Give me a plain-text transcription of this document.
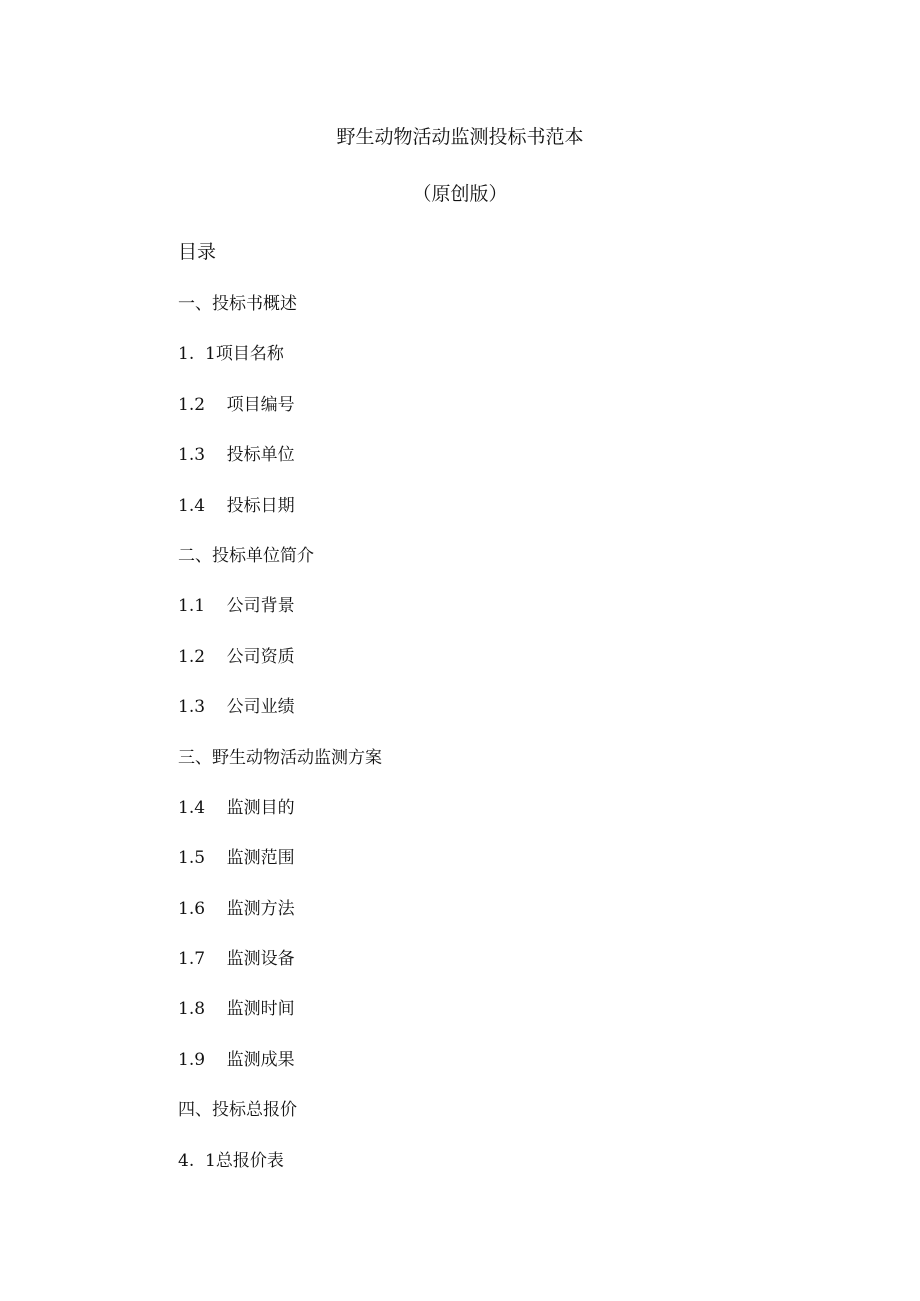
野生动物活动监测投标书范本
（原创版）
目录
一、投标书概述
1.  1项目名称
1.2    项目编号
1.3    投标单位
1.4    投标日期
二、投标单位简介
1.1    公司背景
1.2    公司资质
1.3    公司业绩
三、野生动物活动监测方案
1.4    监测目的
1.5    监测范围
1.6    监测方法
1.7    监测设备
1.8    监测时间
1.9    监测成果
四、投标总报价
4.  1总报价表
